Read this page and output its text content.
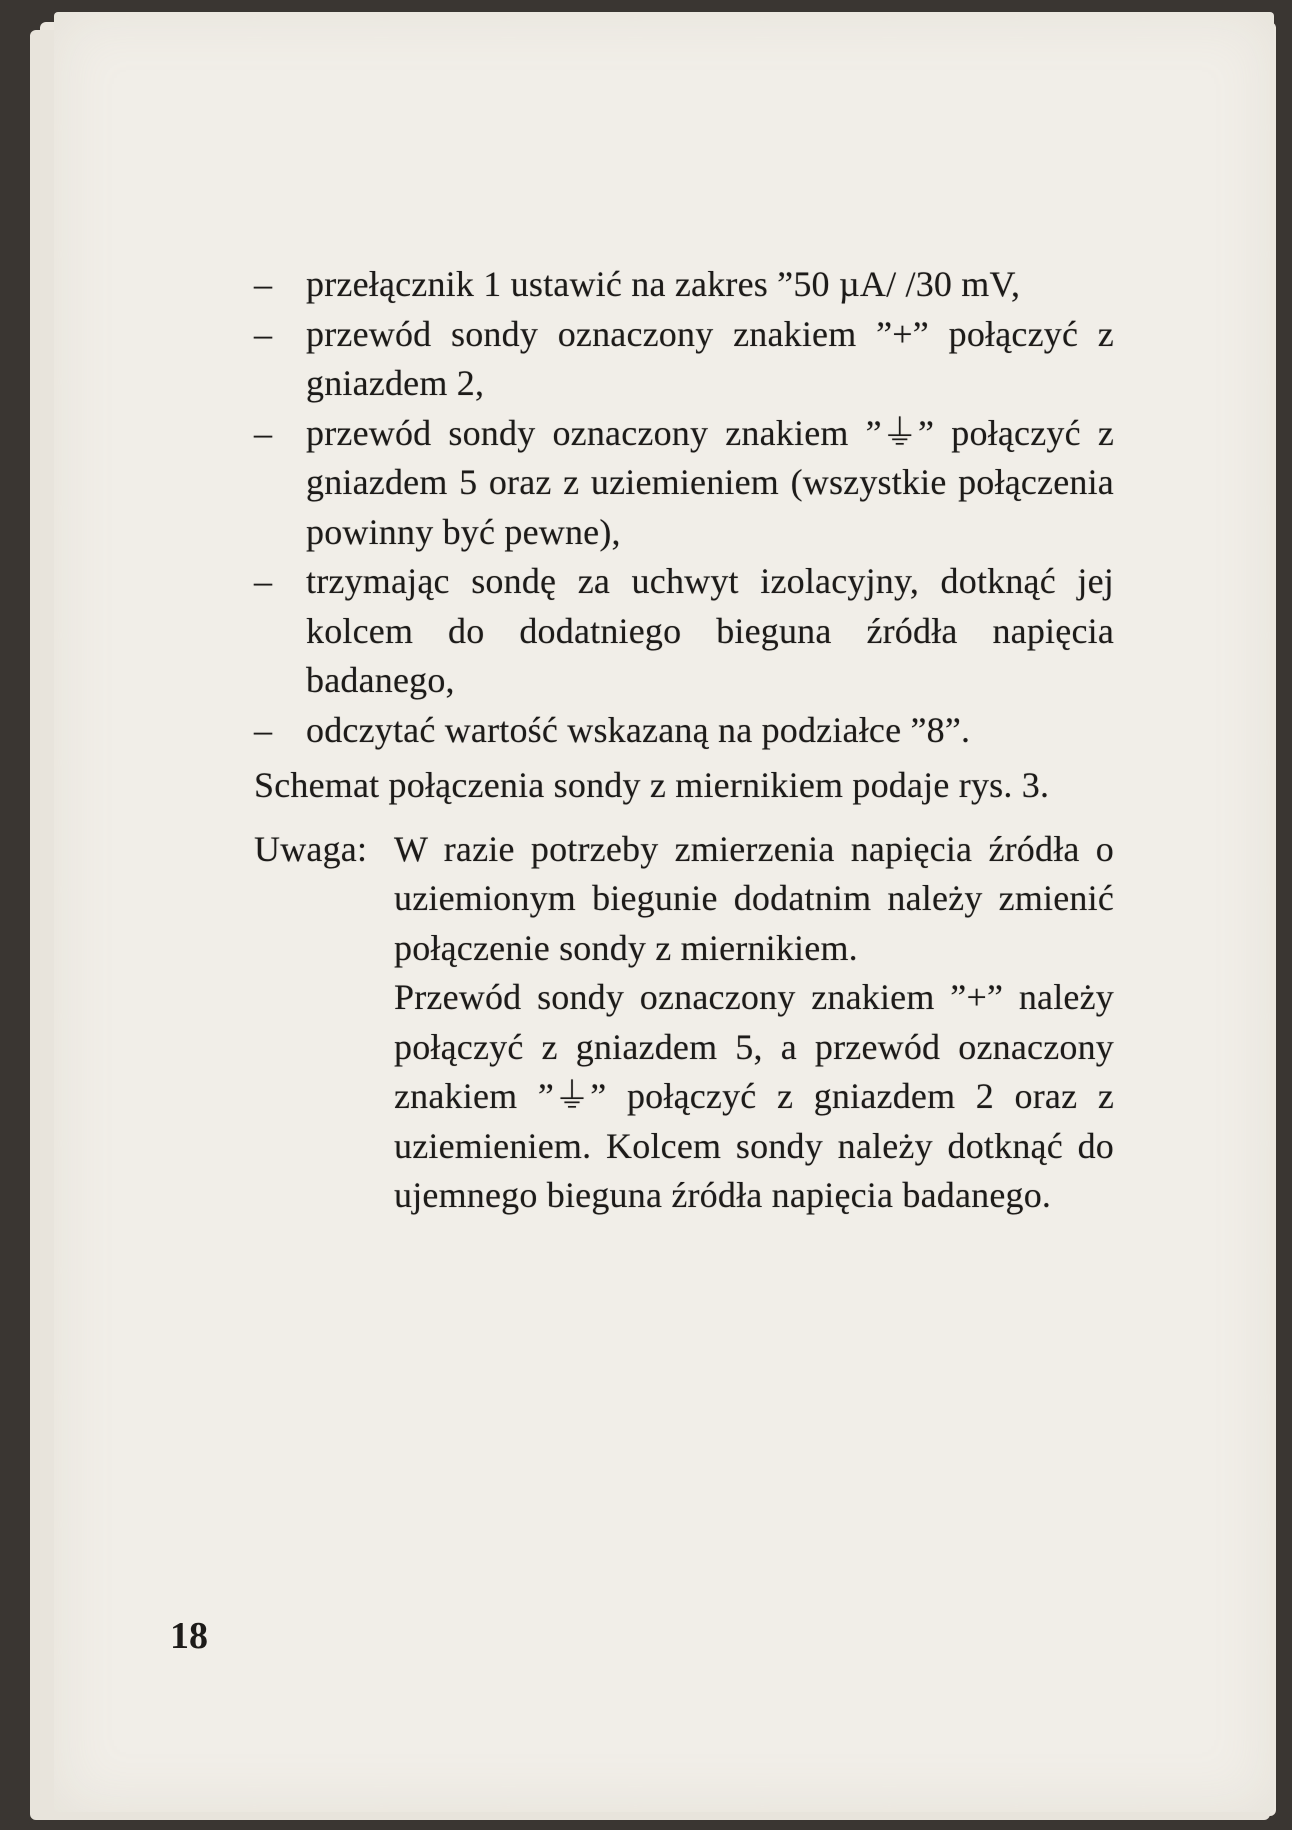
– przełącznik 1 ustawić na zakres ”50 µA/ /30 mV,
– przewód sondy oznaczony znakiem ”+” połączyć z gniazdem 2,
– przewód sondy oznaczony znakiem ”⏚” połączyć z gniazdem 5 oraz z uziemieniem (wszystkie połączenia powinny być pewne),
– trzymając sondę za uchwyt izolacyjny, dotknąć jej kolcem do dodatniego bieguna źródła napięcia badanego,
– odczytać wartość wskazaną na podziałce ”8”.
Schemat połączenia sondy z miernikiem podaje rys. 3.
Uwaga: W razie potrzeby zmierzenia napięcia źródła o uziemionym biegunie dodatnim należy zmienić połączenie sondy z miernikiem.

Przewód sondy oznaczony znakiem ”+” należy połączyć z gniazdem 5, a przewód oznaczony znakiem ”⏚” połączyć z gniazdem 2 oraz z uziemieniem. Kolcem sondy należy dotknąć do ujemnego bieguna źródła napięcia badanego.

18
